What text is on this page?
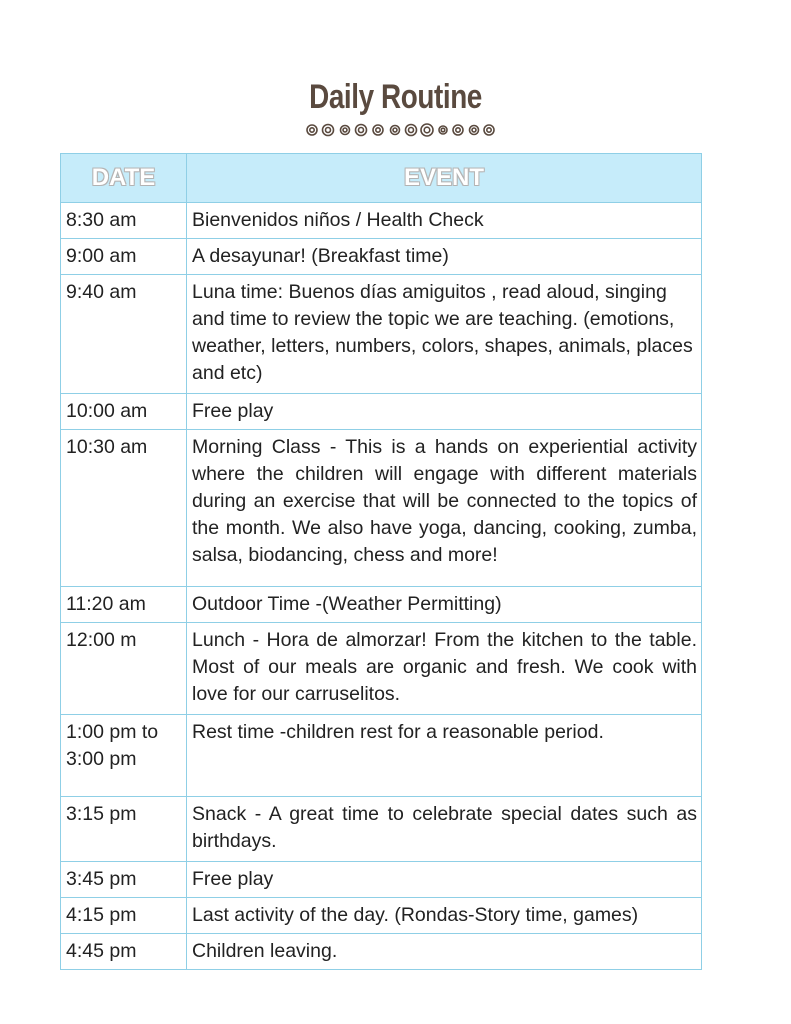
Daily Routine
DATE	EVENT
8:30 am	Bienvenidos niños / Health Check
9:00 am	A desayunar! (Breakfast time)
9:40 am	Luna time: Buenos días amiguitos , read aloud, singing and time to review the topic we are teaching. (emotions, weather, letters, numbers, colors, shapes, animals, places and etc)
10:00 am	Free play
10:30 am	Morning Class - This is a hands on experiential activity where the children will engage with different materials during an exercise that will be connected to the topics of the month. We also have yoga, dancing, cooking, zumba, salsa, biodancing, chess and more!
11:20 am	Outdoor Time -(Weather Permitting)
12:00 m	Lunch - Hora de almorzar! From the kitchen to the table. Most of our meals are organic and fresh. We cook with love for our carruselitos.
1:00 pm to 3:00 pm	Rest time -children rest for a reasonable period.
3:15 pm	Snack - A great time to celebrate special dates such as birthdays.
3:45 pm	Free play
4:15 pm	Last activity of the day. (Rondas-Story time, games)
4:45 pm	Children leaving.
